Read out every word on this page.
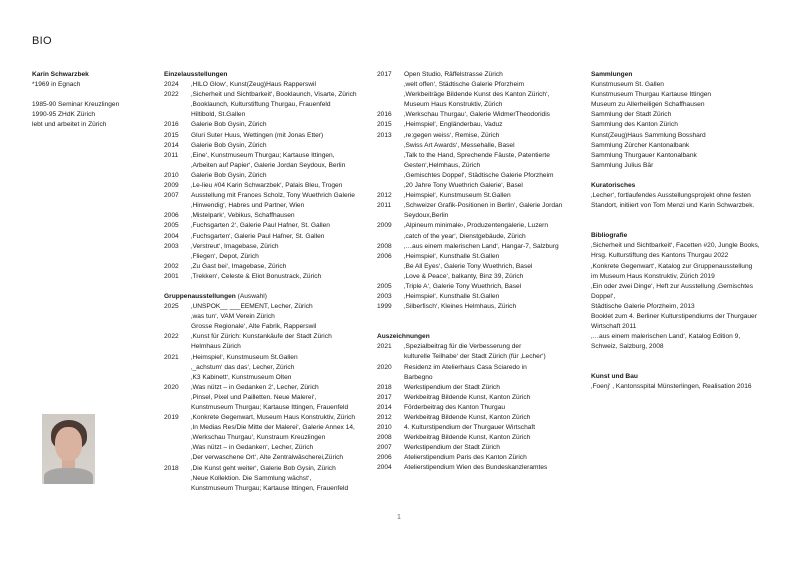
BIO
Karin Schwarzbek
*1969 in Egnach
1985-90 Seminar Kreuzlingen
1990-95 ZHdK Zürich
lebt und arbeitet in Zürich
Einzelausstellungen
2024	‚HILO Glow‘, Kunst(Zeug)Haus Rapperswil
2022	‚Sicherheit und Sichtbarkeit‘, Booklaunch, Visarte, Zürich
‚Booklaunch, Kulturstiftung Thurgau, Frauenfeld
Hiltibold, St.Gallen
2016	Galerie Bob Gysin, Zürich
2015	Gluri Suter Huus, Wettingen (mit Jonas Etter)
2014	Galerie Bob Gysin, Zürich
2011	‚Eine‘, Kunstmuseum Thurgau; Kartause Ittingen,
‚Arbeiten auf Papier‘, Galerie Jordan Seydoux, Berlin
2010	Galerie Bob Gysin, Zürich
2009	‚Le-lieu #04 Karin Schwarzbek‘, Palais Bleu, Trogen
2007	Ausstellung mit Frances Scholz, Tony Wuethrich Galerie
‚Hinwendig‘, Habres und Partner, Wien
2006	‚Mistelpark‘, Vebikus, Schaffhausen
2005	‚Fuchsgarten 2‘, Galerie Paul Hafner, St. Gallen
2004	‚Fuchsgarten‘, Galerie Paul Hafner, St. Gallen
2003	‚Verstreut‘, Imagebase, Zürich
‚Fliegen‘, Depot, Zürich
2002	‚Zu Gast bei‘, Imagebase, Zürich
2001	‚Trekken‘, Celeste & Eliot Bonustrack, Zürich
Gruppenausstellungen (Auswahl)
2025	‚UNSPOK__ ___EEMENT, Lecher, Zürich
‚was tun‘, VAM Verein Zürich
Grosse Regionale‘, Alte Fabrik, Rapperswil
2022	‚Kunst für Zürich: Kunstankäufe der Stadt Zürich
Helmhaus Zürich
2021	‚Heimspiel‘, Kunstmuseum St.Gallen
‚_achstum‘ das das‘, Lecher, Zürich
‚K3 Kabinett‘, Kunstmuseum Olten
2020	‚Was nützt – in Gedanken 2‘, Lecher, Zürich
‚Pinsel, Pixel und Pailletten. Neue Malerei‘,
Kunstmuseum Thurgau; Kartause Ittingen, Frauenfeld
2019	‚Konkrete Gegenwart, Museum Haus Konstruktiv, Zürich
‚In Medias Res/Die Mitte der Malerei‘, Galerie Annex 14,
‚Werkschau Thurgau‘, Kunstraum Kreuzlingen
‚Was nützt – in Gedanken‘, Lecher, Zürich
‚Der verwaschene Ort‘, Alte Zentralwäscherei,Zürich
2018	‚Die Kunst geht weiter‘, Galerie Bob Gysin, Zürich
‚Neue Kollektion. Die Sammlung wächst‘,
Kunstmuseum Thurgau; Kartause Ittingen, Frauenfeld
2017	Open Studio, Räffelstrasse Zürich
‚welt offen‘, Städtische Galerie Pforzheim
‚Werkbeiträge Bildende Kunst des Kanton Zürich‘,
Museum Haus Konstruktiv, Zürich
2016	‚Werkschau Thurgau‘, Galerie WidmerTheodoridis
2015	‚Heimspiel‘, Engländerbau, Vaduz
2013	‚re:gegen weiss‘, Remise, Zürich
‚Swiss Art Awards‘, Messehalle, Basel
‚Talk to the Hand, Sprechende Fäuste, Patentierte
Gesten‘,Helmhaus, Zürich
‚Gemischtes Doppel‘, Städtische Galerie Pforzheim
‚20 Jahre Tony Wuethrich Galerie‘, Basel
2012	‚Heimspiel‘, Kunstmuseum St.Gallen
2011	‚Schweizer Grafik-Positionen in Berlin‘, Galerie Jordan
Seydoux,Berlin
2009	‚Alpineum minimale›, Produzentengalerie, Luzern
‚catch of the year‘, Dienstgebäude, Zürich
2008	‚…aus einem malerischen Land‘, Hangar-7, Salzburg
2006	‚Heimspiel‘, Kunsthalle St.Gallen
‚Be All Eyes‘, Galerie Tony Wuethrich, Basel
‚Love & Peace‘, balkanty, Binz 39, Zürich
2005	‚Triple A‘, Galerie Tony Wuethrich, Basel
2003	‚Heimspiel‘, Kunsthalle St.Gallen
1999	‚Silberfisch‘, Kleines Helmhaus, Zürich
Auszeichnungen
2021	‚Spezialbeitrag für die Verbesserung der
kulturelle Teilhabe‘ der Stadt Zürich (für ‚Lecher‘)
2020	Residenz im Atelierhaus Casa Sciaredo in
Barbegno
2018	Werkstipendium der Stadt Zürich
2017	Werkbeitrag Bildende Kunst, Kanton Zürich
2014	Förderbeitrag des Kanton Thurgau
2012	Werkbeitrag Bildende Kunst, Kanton Zürich
2010	4. Kulturstipendium der Thurgauer Wirtschaft
2008	Werkbeitrag Bildende Kunst, Kanton Zürich
2007	Werkstipendium der Stadt Zürich
2006	Atelierstipendium Paris des Kanton Zürich
2004	Atelierstipendium Wien des Bundeskanzleramtes
Sammlungen
Kunstmuseum St. Gallen
Kunstmuseum Thurgau Kartause Ittingen
Museum zu Allerheiligen Schaffhausen
Sammlung der Stadt Zürich
Sammlung des Kanton Zürich
Kunst(Zeug)Haus Sammlung Bosshard
Sammlung Zürcher Kantonalbank
Sammlung Thurgauer Kantonalbank
Sammlung Julius Bär
Kuratorisches
‚Lecher‘, fortlaufendes Ausstellungsprojekt ohne festen
Standort, initiiert von Tom Menzi und Karin Schwarzbek.
Bibliografie
‚Sicherheit und Sichtbarkeit‘, Facetten #20, Jungle Books,
Hrsg. Kulturstiftung des Kantons Thurgau 2022
‚Konkrete Gegenwart‘, Katalog zur Gruppenausstellung
im Museum Haus Konstruktiv, Zürich 2019
‚Ein oder zwei Dinge‘, Heft zur Ausstellung ‚Gemischtes
Doppel‘,
Städtische Galerie Pforzheim, 2013
Booklet zum 4. Berliner Kulturstipendiums der Thurgauer
Wirtschaft 2011
‚…aus einem malerischen Land‘, Katalog Edition 9,
Schweiz, Salzburg, 2008
Kunst und Bau
‚Foenj‘ , Kantonsspital Münsterlingen, Realisation 2016
1
